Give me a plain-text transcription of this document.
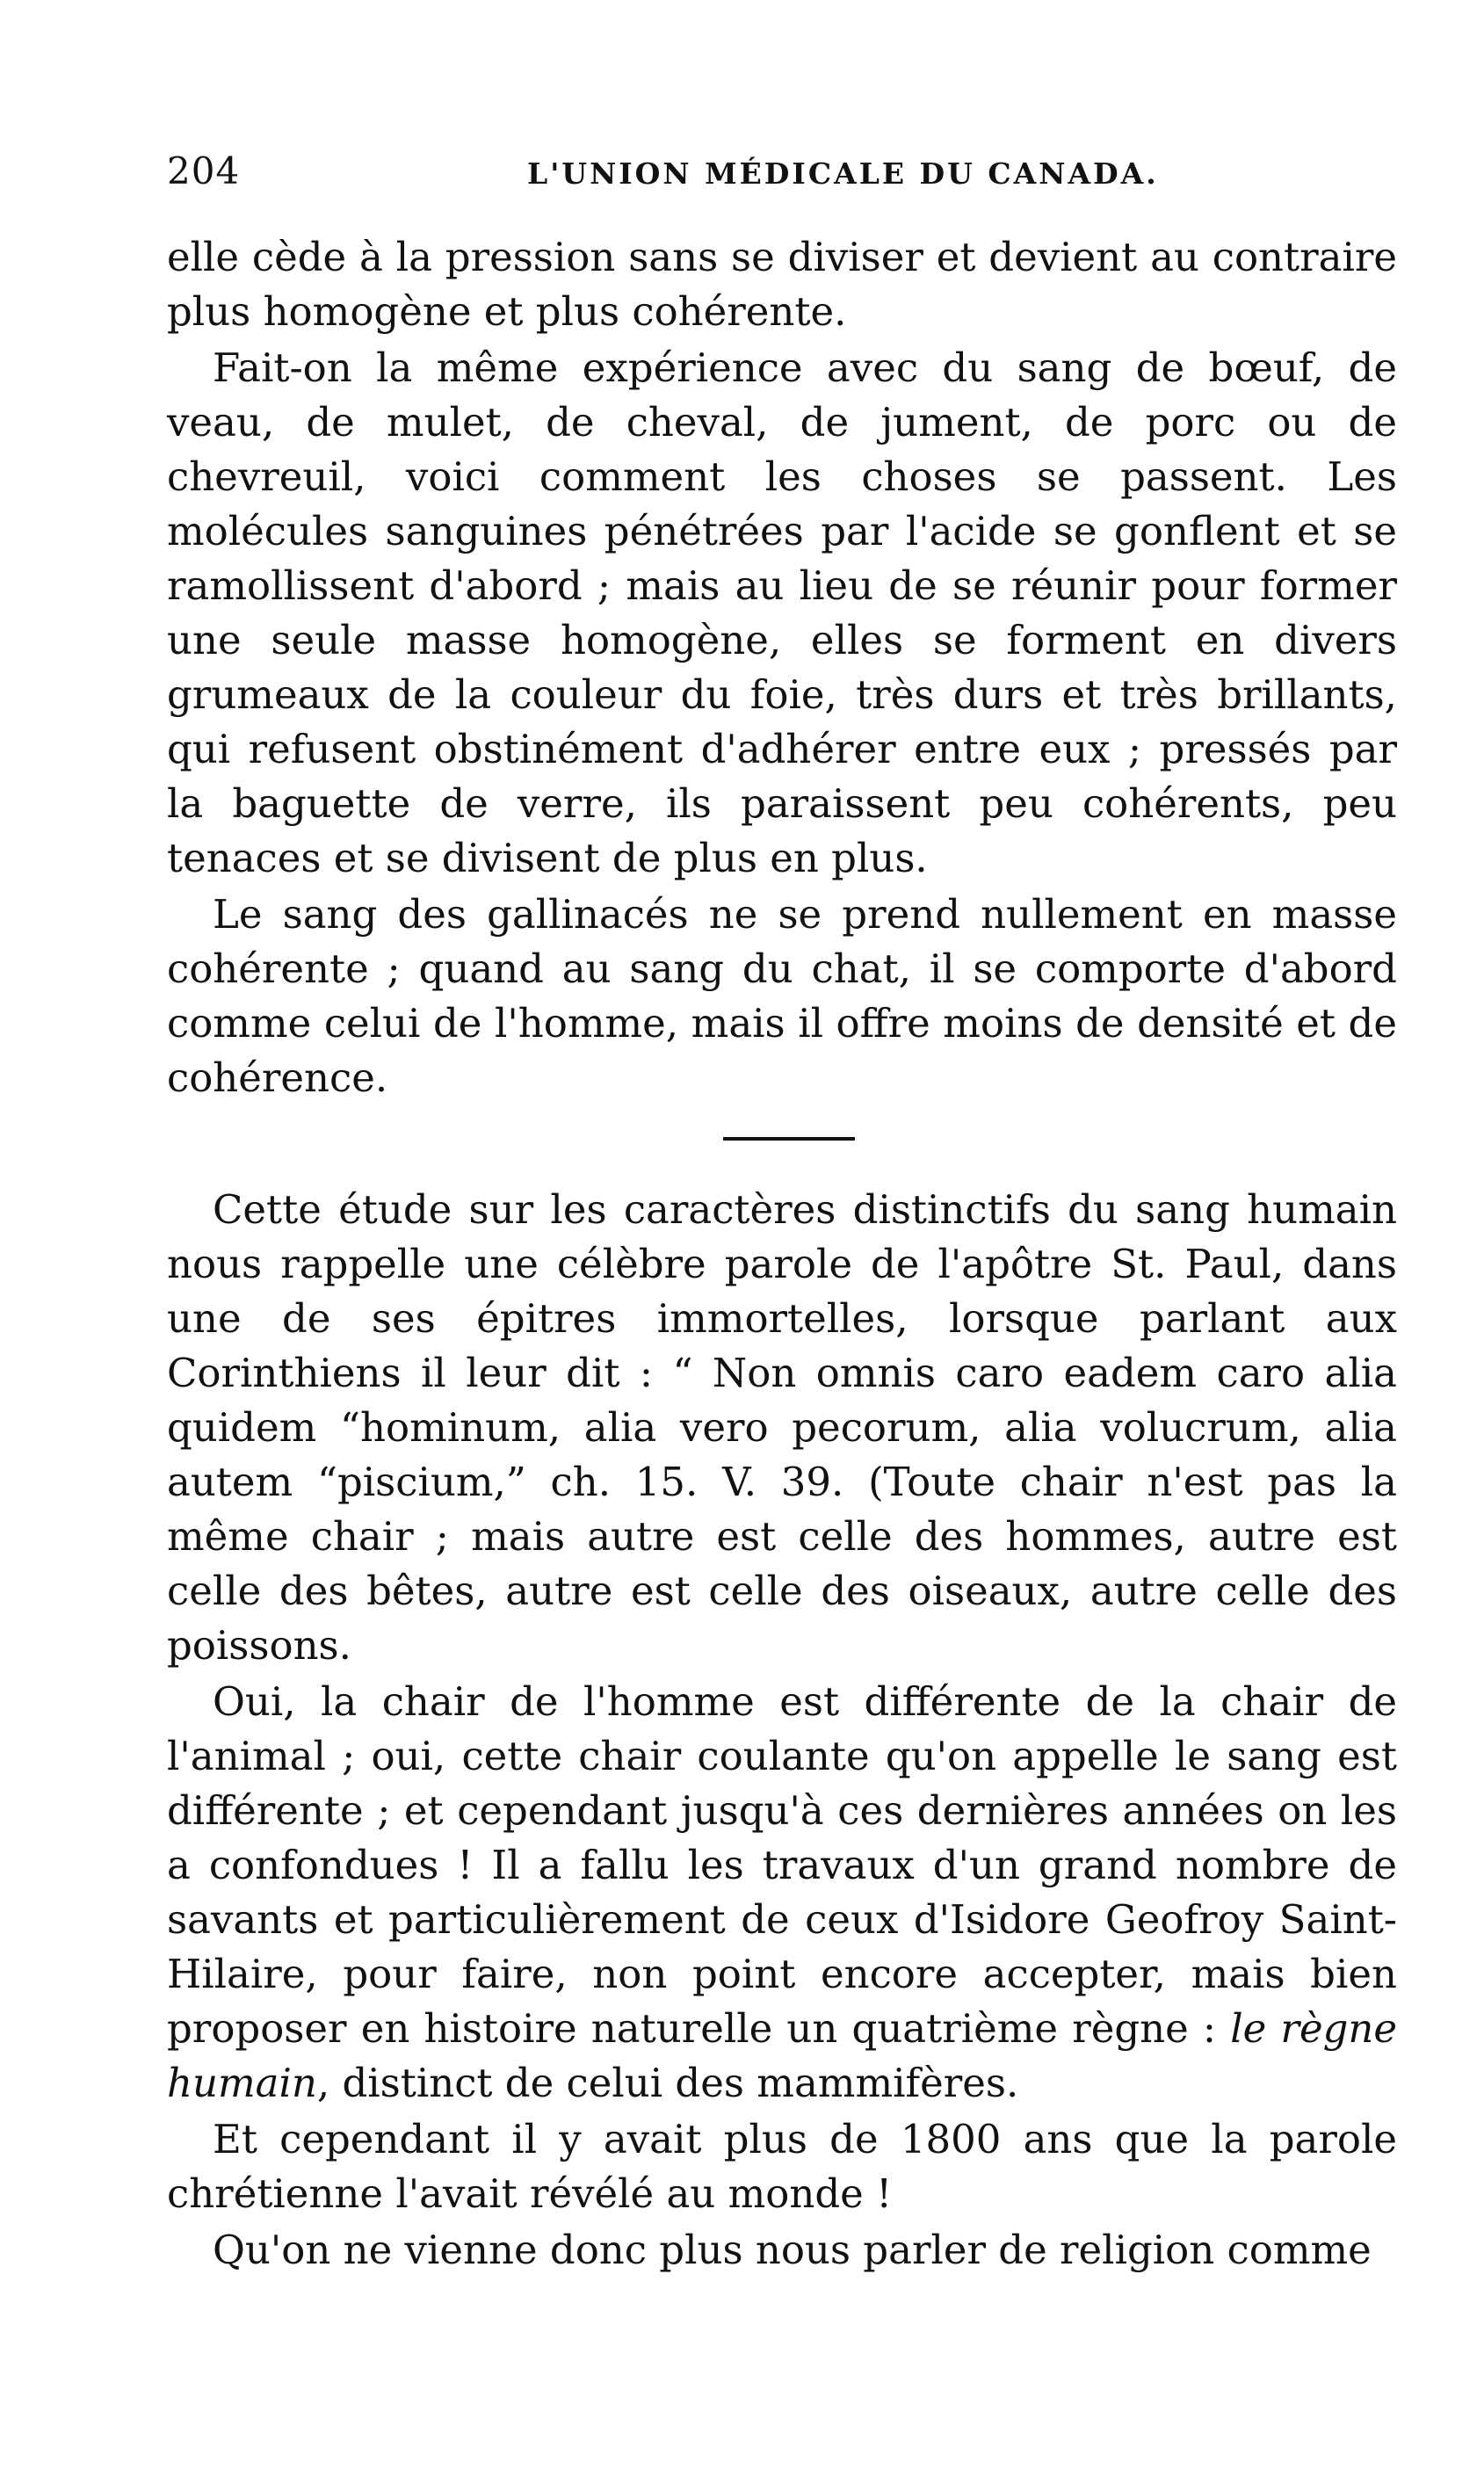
204	L'UNION MÉDICALE DU CANADA.

elle cède à la pression sans se diviser et devient au contraire plus homogène et plus cohérente.

Fait-on la même expérience avec du sang de bœuf, de veau, de mulet, de cheval, de jument, de porc ou de chevreuil, voici comment les choses se passent. Les molécules sanguines pénétrées par l'acide se gonflent et se ramollissent d'abord ; mais au lieu de se réunir pour former une seule masse homogène, elles se forment en divers grumeaux de la couleur du foie, très durs et très brillants, qui refusent obstinément d'adhérer entre eux ; pressés par la baguette de verre, ils paraissent peu cohérents, peu tenaces et se divisent de plus en plus.

Le sang des gallinacés ne se prend nullement en masse cohérente ; quand au sang du chat, il se comporte d'abord comme celui de l'homme, mais il offre moins de densité et de cohérence.

Cette étude sur les caractères distinctifs du sang humain nous rappelle une célèbre parole de l'apôtre St. Paul, dans une de ses épitres immortelles, lorsque parlant aux Corinthiens il leur dit : “ Non omnis caro eadem caro alia quidem “hominum, alia vero pecorum, alia volucrum, alia autem “piscium,” ch. 15. V. 39. (Toute chair n'est pas la même chair ; mais autre est celle des hommes, autre est celle des bêtes, autre est celle des oiseaux, autre celle des poissons.

Oui, la chair de l'homme est différente de la chair de l'animal ; oui, cette chair coulante qu'on appelle le sang est différente ; et cependant jusqu'à ces dernières années on les a confondues ! Il a fallu les travaux d'un grand nombre de savants et particulièrement de ceux d'Isidore Geofroy Saint-Hilaire, pour faire, non point encore accepter, mais bien proposer en histoire naturelle un quatrième règne : le règne humain, distinct de celui des mammifères.

Et cependant il y avait plus de 1800 ans que la parole chrétienne l'avait révélé au monde !

Qu'on ne vienne donc plus nous parler de religion comme
